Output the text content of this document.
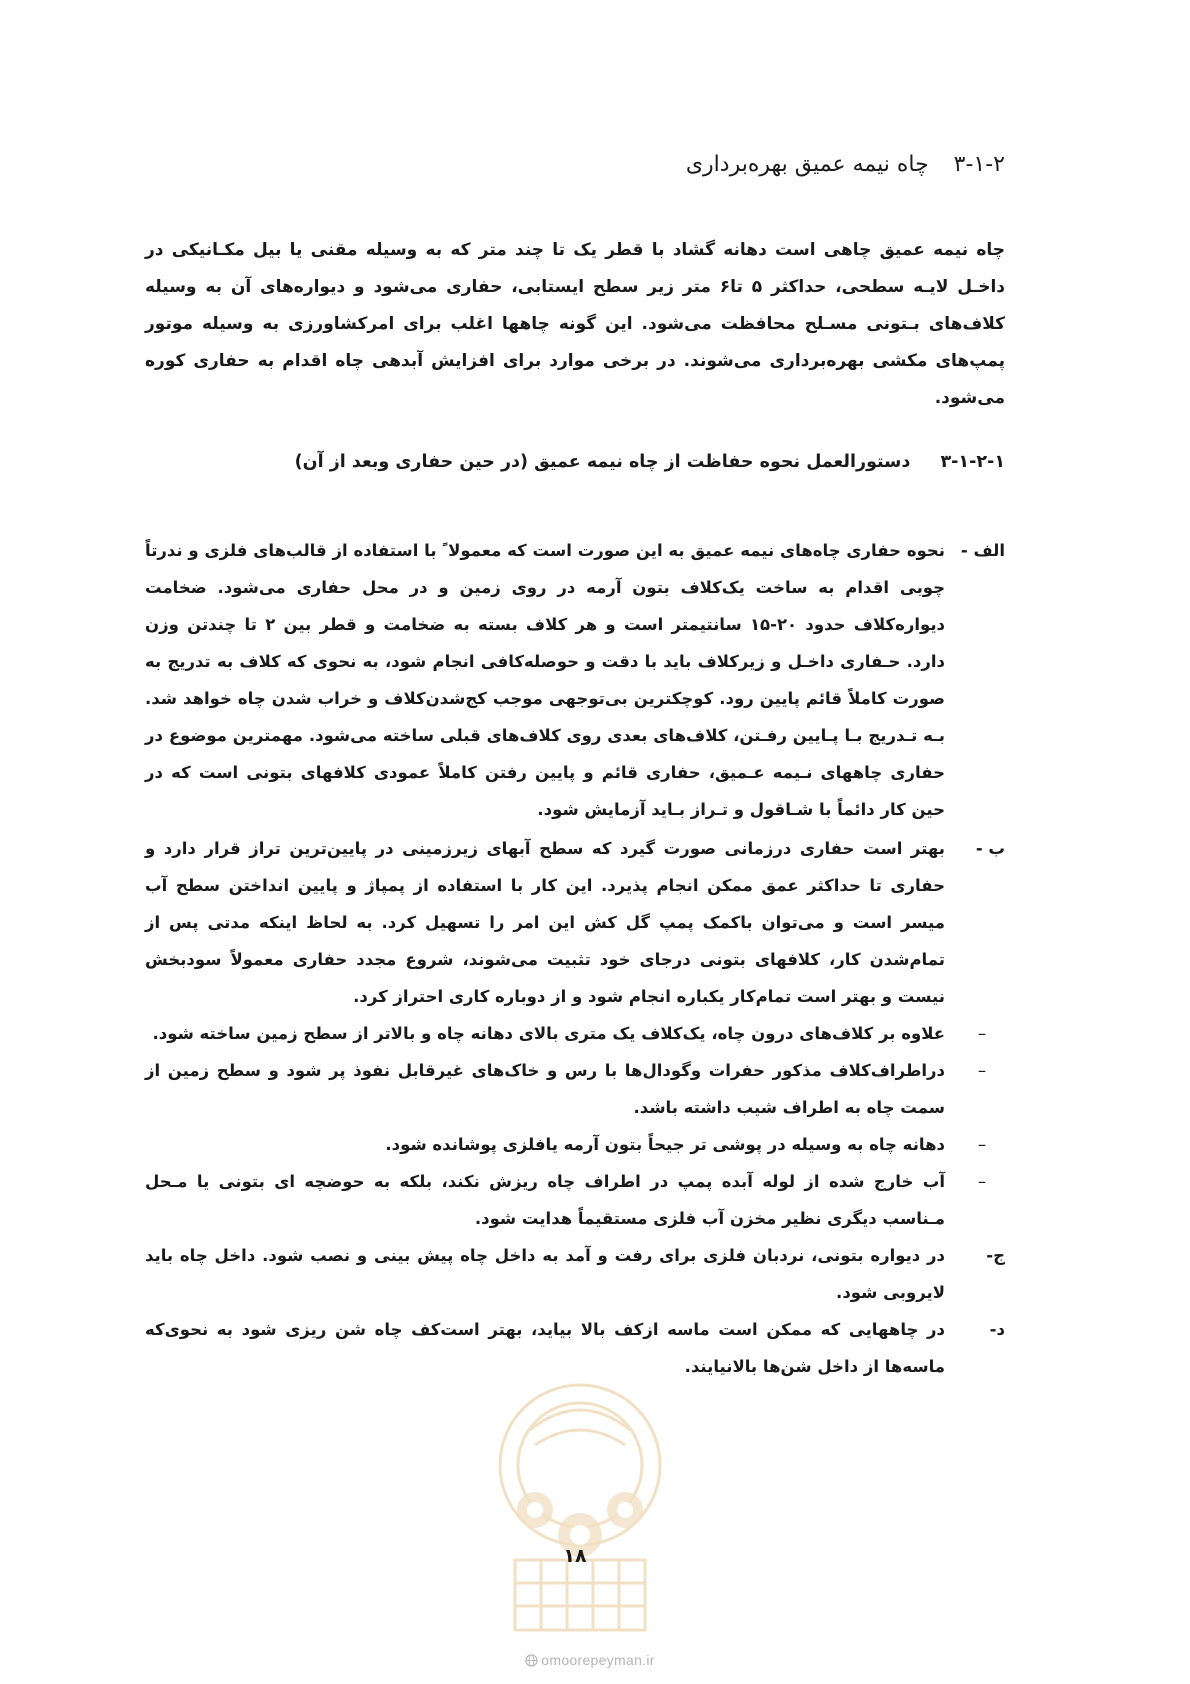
۳-۱-۲ چاه نیمه عمیق بهره‌برداری

چاه نیمه عمیق چاهی است دهانه گشاد با قطر یک تا چند متر که به وسیله مقنی یا بیل مکـانیکی در داخـل لایـه سطحی، حداکثر ۵ تا۶ متر زیر سطح ایستابی، حفاری می‌شود و دیواره‌های آن به وسیله کلاف‌های بـتونی مسـلح محافظت می‌شود. این گونه چاهها اغلب برای امرکشاورزی به وسیله موتور پمپ‌های مکشی بهره‌برداری می‌شوند. در برخی موارد برای افزایش آبدهی چاه اقدام به حفاری کوره می‌شود.

۳-۱-۲-۱ دستورالعمل نحوه حفاظت از چاه نیمه عمیق (در حین حفاری وبعد از آن)
الف -
نحوه حفاری چاه‌های نیمه عمیق به این صورت است که معمولا ً با استفاده از قالب‌های فلزی و ندرتاً چوبی اقدام به ساخت یک‌کلاف بتون آرمه در روی زمین و در محل حفاری می‌شود. ضخامت دیواره‌کلاف حدود ۲۰-۱۵ سانتیمتر است و هر کلاف بسته به ضخامت و قطر بین ۲ تا چندتن وزن دارد. حـفاری داخـل و زیرکلاف باید با دقت و حوصله‌کافی انجام شود، به نحوی که کلاف به تدریج به صورت کاملاً قائم پایین رود. کوچکترین بی‌توجهی موجب کج‌شدن‌کلاف و خراب شدن چاه خواهد شد. بـه تـدریج بـا پـایین رفـتن، کلاف‌های بعدی روی کلاف‌های قبلی ساخته می‌شود. مهمترین موضوع در حفاری چاههای نـیمه عـمیق، حفاری قائم و پایین رفتن کاملاً عمودی کلافهای بتونی است که در حین کار دائماً با شـاقول و تـراز بـاید آزمایش شود.
ب -
بهتر است حفاری درزمانی صورت گیرد که سطح آبهای زیرزمینی در پایین‌ترین تراز قرار دارد و حفاری تا حداکثر عمق ممکن انجام پذیرد. این کار با استفاده از پمپاژ و پایین انداختن سطح آب میسر است و می‌توان باکمک پمپ گل کش این امر را تسهیل کرد. به لحاظ اینکه مدتی پس از تمام‌شدن کار، کلافهای بتونی درجای خود تثبیت می‌شوند، شروع مجدد حفاری معمولاً سودبخش نیست و بهتر است تمام‌کار یکباره انجام شود و از دوباره کاری احتراز کرد.
–
علاوه بر کلاف‌های درون چاه، یک‌کلاف یک متری بالای دهانه چاه و بالاتر از سطح زمین ساخته شود.
–
دراطراف‌کلاف مذکور حفرات وگودال‌ها با رس و خاک‌های غیرقابل نفوذ پر شود و سطح زمین از سمت چاه به اطراف شیب داشته باشد.
–
دهانه چاه به وسیله در پوشی تر جیحاً بتون آرمه یافلزی پوشانده شود.
–
آب خارج شده از لوله آبده پمپ در اطراف چاه ریزش نکند، بلکه به حوضچه ای بتونی یا مـحل مـناسب دیگری نظیر مخزن آب فلزی مستقیماً هدایت شود.
ج-
در دیواره بتونی، نردبان فلزی برای رفت و آمد به داخل چاه پیش بینی و نصب شود. داخل چاه باید لایروبی شود.
د-
در چاههایی که ممکن است ماسه ازکف بالا بیاید، بهتر است‌کف چاه شن ریزی شود به نحوی‌که ماسه‌ها از داخل شن‌ها بالانیایند.
۱۸
omoorepeyman.ir
